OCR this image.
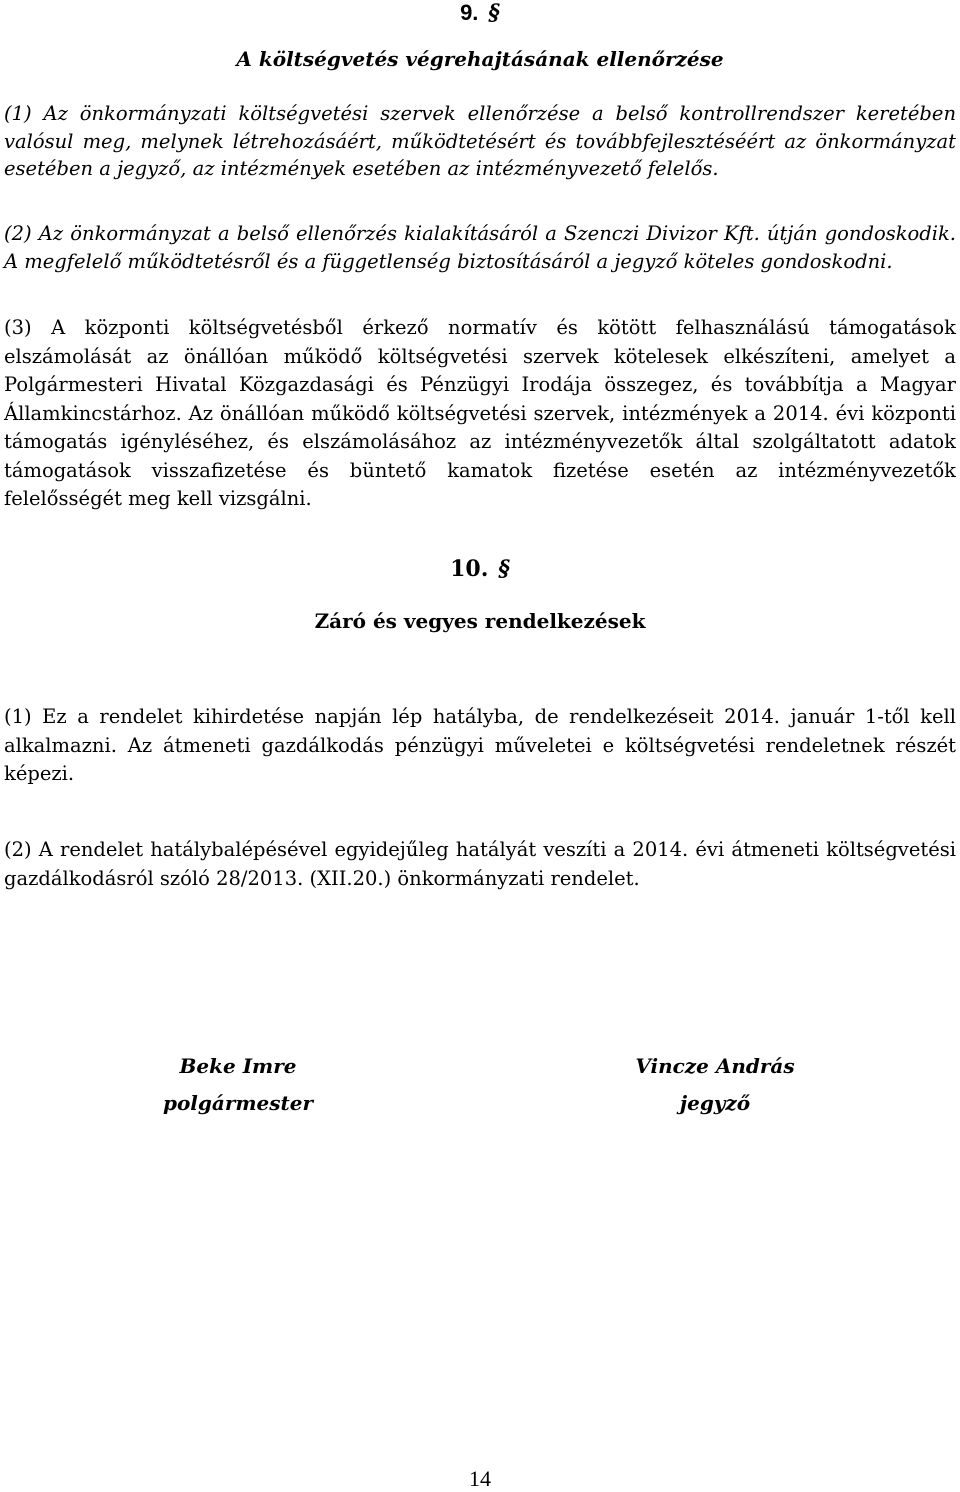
9. §
A költségvetés végrehajtásának ellenőrzése
(1) Az önkormányzati költségvetési szervek ellenőrzése a belső kontrollrendszer keretében valósul meg, melynek létrehozásáért, működtetésért és továbbfejlesztéséért az önkormányzat esetében a jegyző, az intézmények esetében az intézményvezető felelős.
(2) Az önkormányzat a belső ellenőrzés kialakításáról a Szenczi Divizor Kft. útján gondoskodik. A megfelelő működtetésről és a függetlenség biztosításáról a jegyző köteles gondoskodni.
(3) A központi költségvetésből érkező normatív és kötött felhasználású támogatások elszámolását az önállóan működő költségvetési szervek kötelesek elkészíteni, amelyet a Polgármesteri Hivatal Közgazdasági és Pénzügyi Irodája összegez, és továbbítja a Magyar Államkincstárhoz. Az önállóan működő költségvetési szervek, intézmények a 2014. évi központi támogatás igényléséhez, és elszámolásához az intézményvezetők által szolgáltatott adatok támogatások visszafizetése és büntető kamatok fizetése esetén az intézményvezetők felelősségét meg kell vizsgálni.
10. §
Záró és vegyes rendelkezések
(1) Ez a rendelet kihirdetése napján lép hatályba, de rendelkezéseit 2014. január 1-től kell alkalmazni. Az átmeneti gazdálkodás pénzügyi műveletei e költségvetési rendeletnek részét képezi.
(2) A rendelet hatálybalépésével egyidejűleg hatályát veszíti a 2014. évi átmeneti költségvetési gazdálkodásról szóló 28/2013. (XII.20.) önkormányzati rendelet.
Beke Imre
polgármester
Vincze András
jegyző
14
